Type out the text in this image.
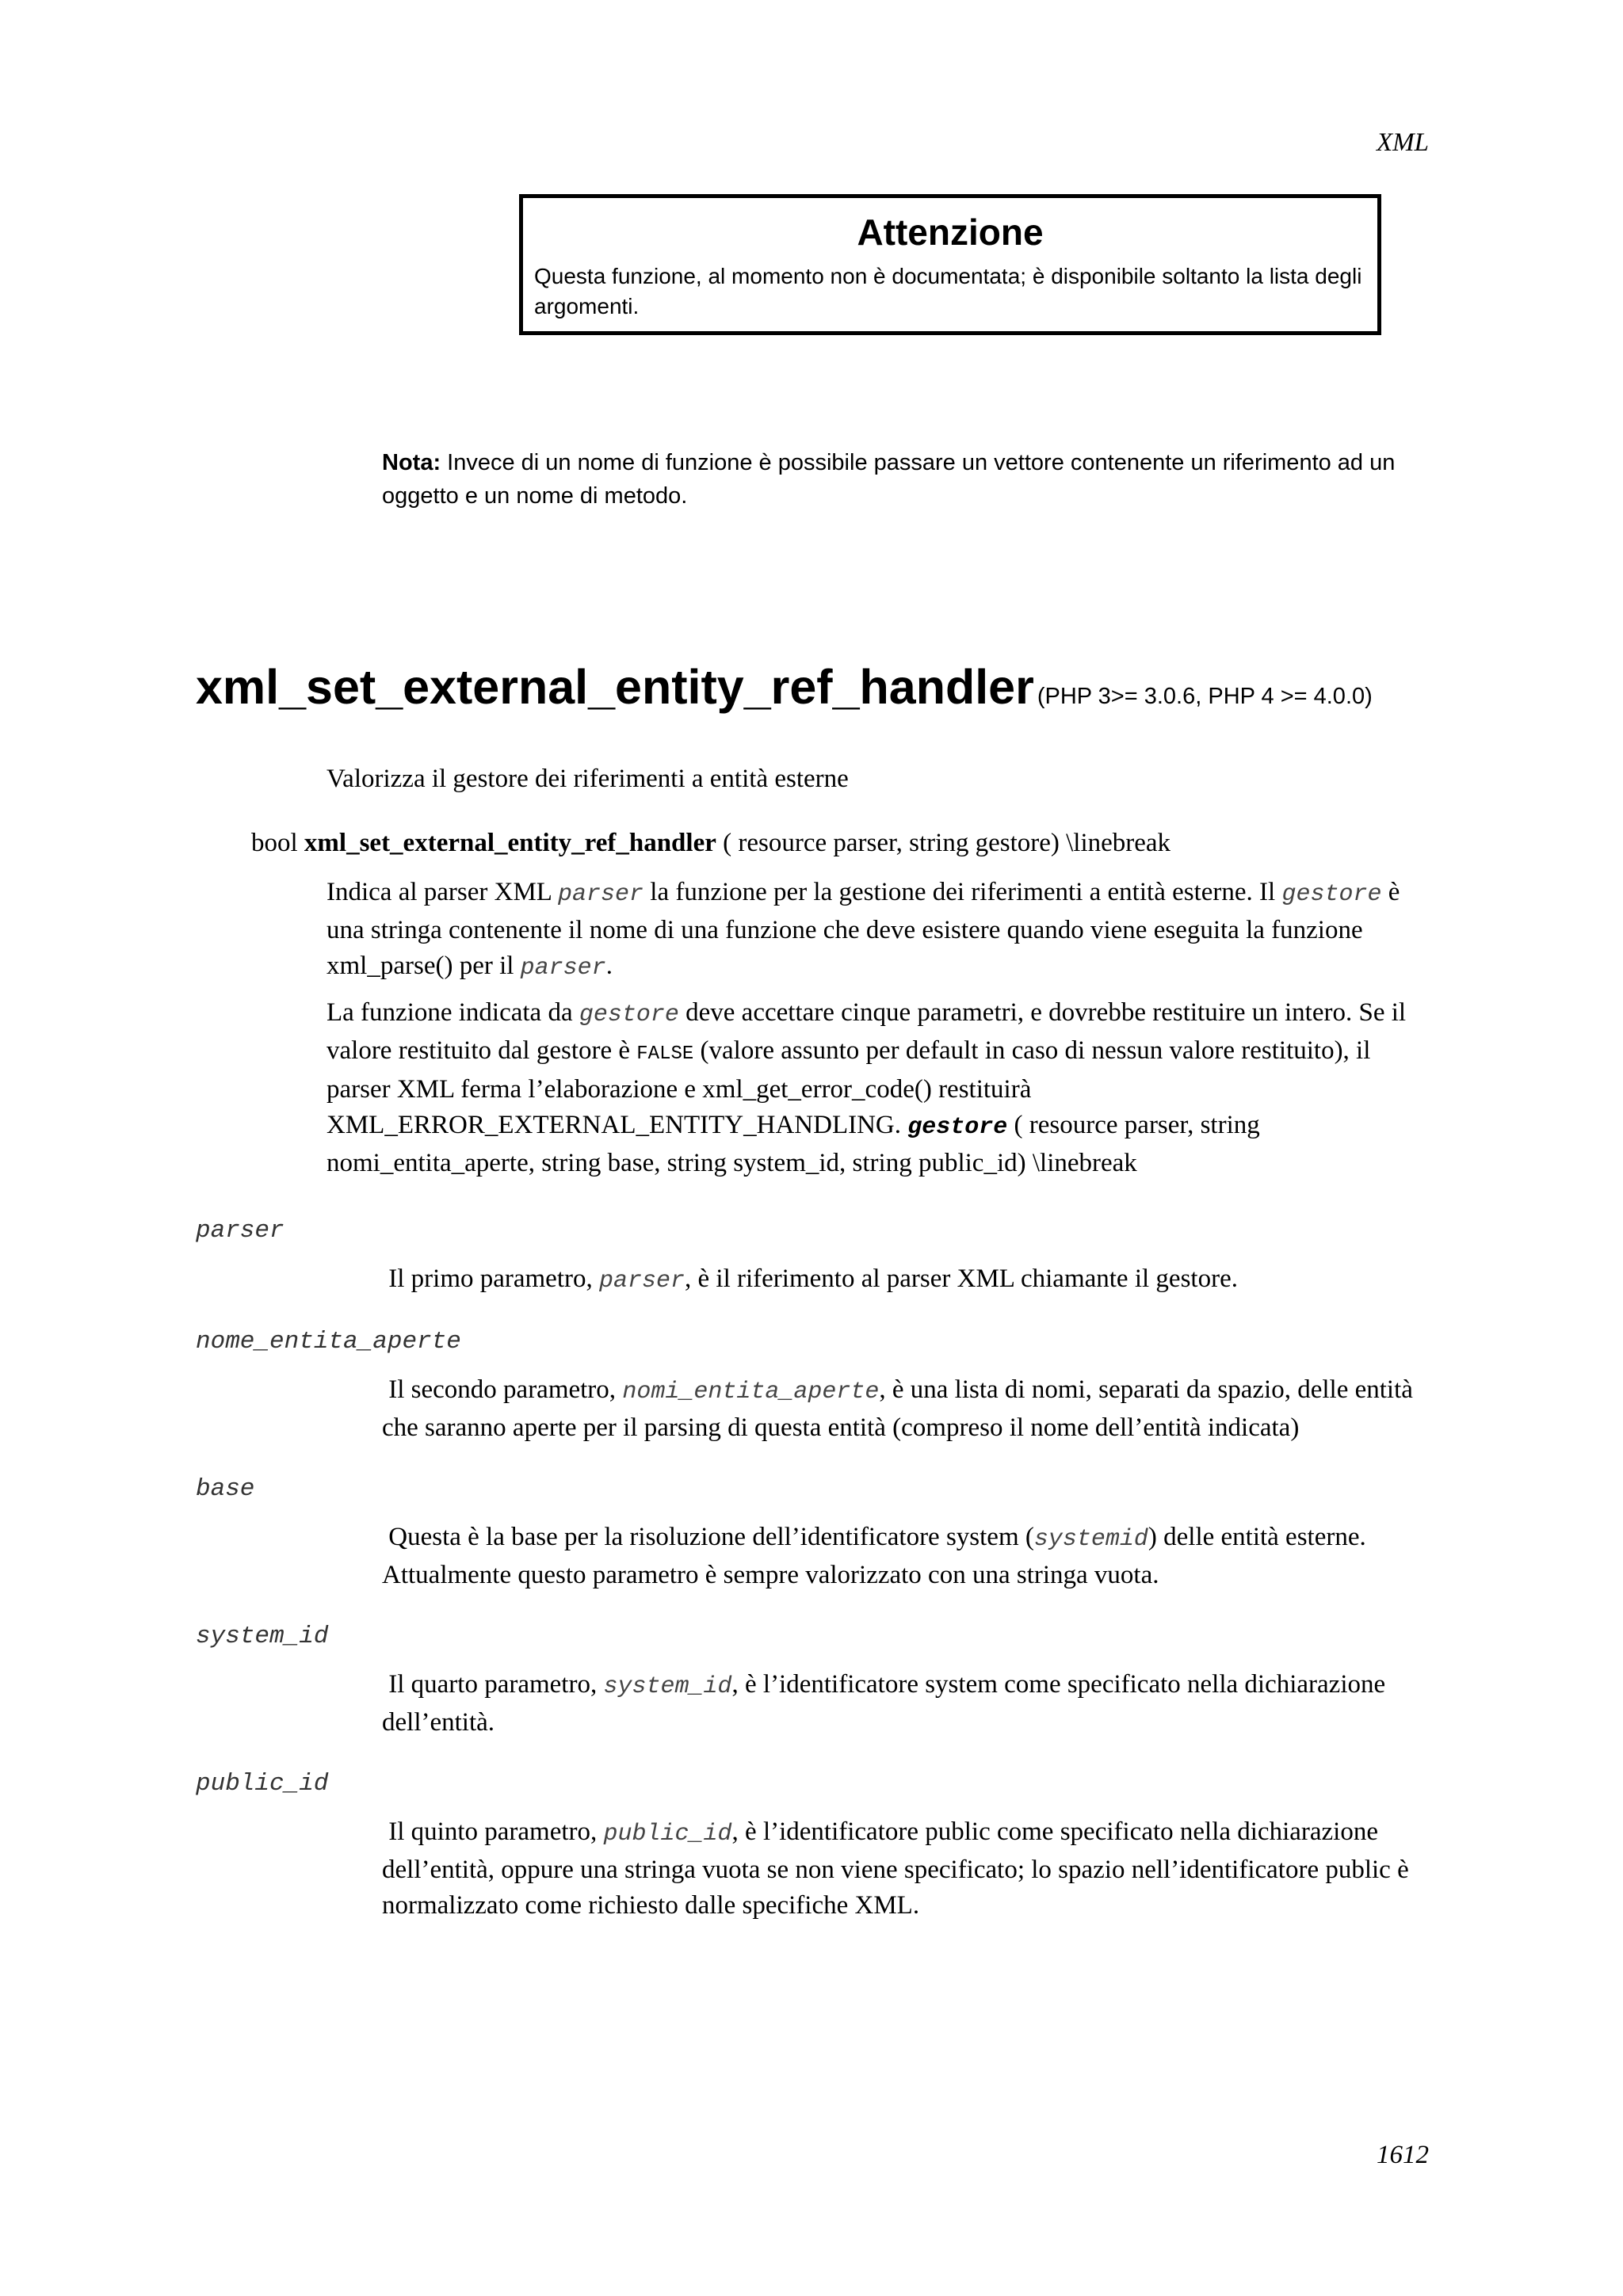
XML
Attenzione
Questa funzione, al momento non è documentata; è disponibile soltanto la lista degli argomenti.
Nota: Invece di un nome di funzione è possibile passare un vettore contenente un riferimento ad un oggetto e un nome di metodo.
xml_set_external_entity_ref_handler (PHP 3>= 3.0.6, PHP 4 >= 4.0.0)
Valorizza il gestore dei riferimenti a entità esterne
bool xml_set_external_entity_ref_handler ( resource parser, string gestore) \linebreak
Indica al parser XML parser la funzione per la gestione dei riferimenti a entità esterne. Il gestore è una stringa contenente il nome di una funzione che deve esistere quando viene eseguita la funzione xml_parse() per il parser.
La funzione indicata da gestore deve accettare cinque parametri, e dovrebbe restituire un intero. Se il valore restituito dal gestore è FALSE (valore assunto per default in caso di nessun valore restituito), il parser XML ferma l’elaborazione e xml_get_error_code() restituirà XML_ERROR_EXTERNAL_ENTITY_HANDLING. gestore ( resource parser, string nomi_entita_aperte, string base, string system_id, string public_id) \linebreak
parser
Il primo parametro, parser, è il riferimento al parser XML chiamante il gestore.
nome_entita_aperte
Il secondo parametro, nomi_entita_aperte, è una lista di nomi, separati da spazio, delle entità che saranno aperte per il parsing di questa entità (compreso il nome dell’entità indicata)
base
Questa è la base per la risoluzione dell’identificatore system (systemid) delle entità esterne. Attualmente questo parametro è sempre valorizzato con una stringa vuota.
system_id
Il quarto parametro, system_id, è l’identificatore system come specificato nella dichiarazione dell’entità.
public_id
Il quinto parametro, public_id, è l’identificatore public come specificato nella dichiarazione dell’entità, oppure una stringa vuota se non viene specificato; lo spazio nell’identificatore public è normalizzato come richiesto dalle specifiche XML.
1612
